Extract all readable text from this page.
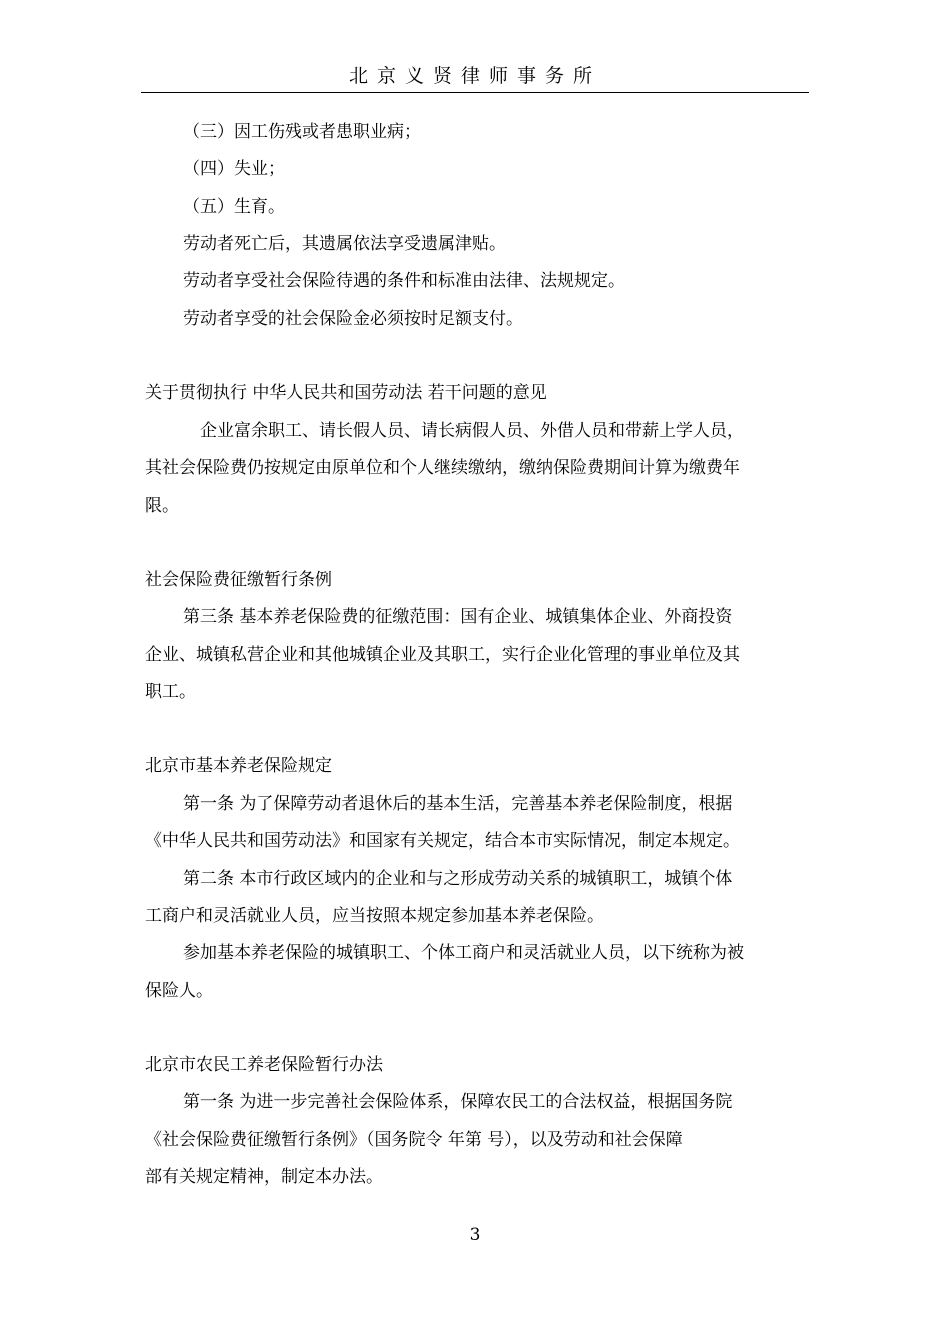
北京义贤律师事务所
（三）因工伤残或者患职业病；
（四）失业；
（五）生育。
劳动者死亡后，其遗属依法享受遗属津贴。
劳动者享受社会保险待遇的条件和标准由法律、法规规定。
劳动者享受的社会保险金必须按时足额支付。
关于贯彻执行 中华人民共和国劳动法 若干问题的意见
企业富余职工、请长假人员、请长病假人员、外借人员和带薪上学人员，
其社会保险费仍按规定由原单位和个人继续缴纳，缴纳保险费期间计算为缴费年
限。
社会保险费征缴暂行条例
第三条 基本养老保险费的征缴范围：国有企业、城镇集体企业、外商投资
企业、城镇私营企业和其他城镇企业及其职工，实行企业化管理的事业单位及其
职工。
北京市基本养老保险规定
第一条 为了保障劳动者退休后的基本生活，完善基本养老保险制度，根据
《中华人民共和国劳动法》和国家有关规定，结合本市实际情况，制定本规定。
第二条 本市行政区域内的企业和与之形成劳动关系的城镇职工，城镇个体
工商户和灵活就业人员，应当按照本规定参加基本养老保险。
参加基本养老保险的城镇职工、个体工商户和灵活就业人员，以下统称为被
保险人。
北京市农民工养老保险暂行办法
第一条 为进一步完善社会保险体系，保障农民工的合法权益，根据国务院
《社会保险费征缴暂行条例》（国务院令 年第 号），以及劳动和社会保障
部有关规定精神，制定本办法。
3
